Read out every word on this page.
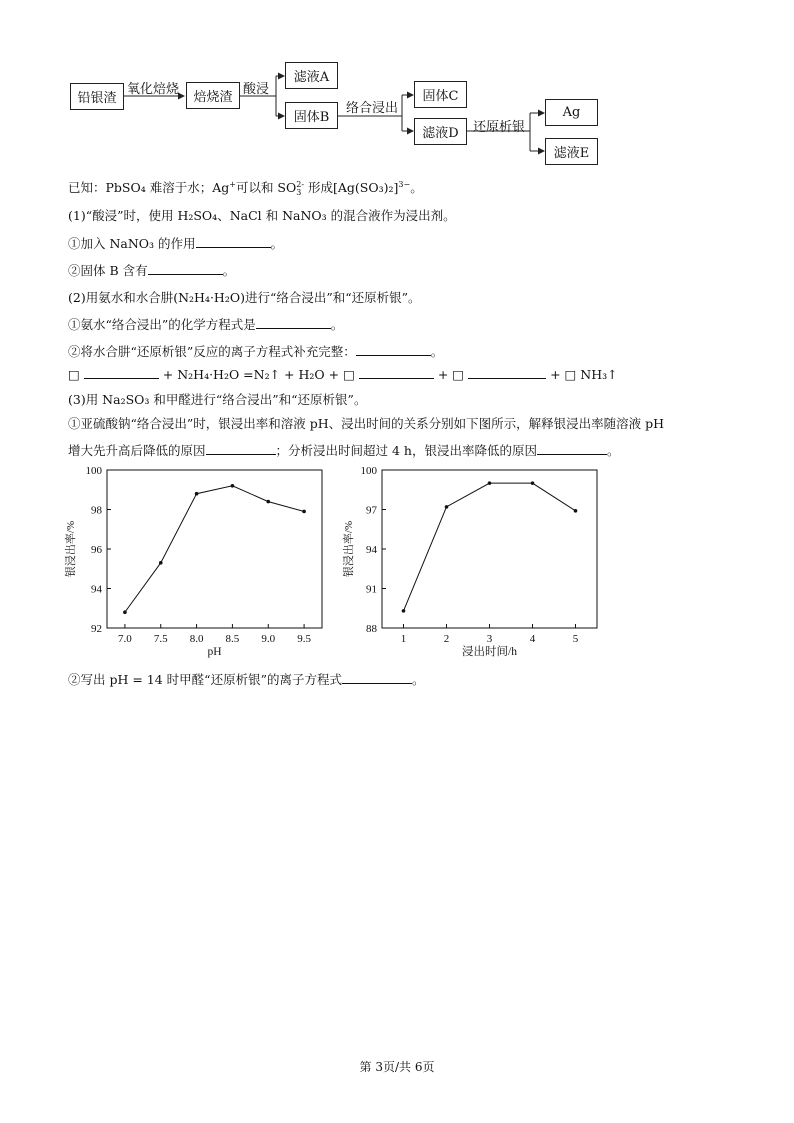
铅银渣	焙烧渣
滤液A
固体B
固体C
滤液D
Ag
滤液E
氧化焙烧	酸浸
络合浸出
还原析银
已知：PbSO₄ 难溶于水；Ag+可以和 SO2-
3 形成$[Ag(SO_3)_2]^{3-}$。
(1)“酸浸”时，使用 H₂SO₄、NaCl 和 NaNO₃ 的混合液作为浸出剂。
①加入 NaNO₃ 的作用	。
②固体 B 含有	。
(2)用氨水和水合肼(N₂H₄·H₂O)进行“络合浸出”和“还原析银”。
①氨水“络合浸出”的化学方程式是	。
②将水合肼“还原析银”反应的离子方程式补充完整：	。
□	+ N₂H₄·H₂O =N₂↑ + H₂O + □	+ □	+ □ NH₃↑
(3)用 Na₂SO₃ 和甲醛进行“络合浸出”和“还原析银”。
①亚硫酸钠“络合浸出”时，银浸出率和溶液 pH、浸出时间的关系分别如下图所示，解释银浸出率随溶液 pH
增大先升高后降低的原因	；分析浸出时间超过 4 h，银浸出率降低的原因	。
7.0 7.5 8.0 8.5 9.0 9.5
92
94
96
98
100
pH
银浸出率/%
1	2	3	4	5
88
91
94
97
100
浸出时间/h
银浸出率/%
②写出 pH = 14 时甲醛“还原析银”的离子方程式	。
第 3页/共 6页
